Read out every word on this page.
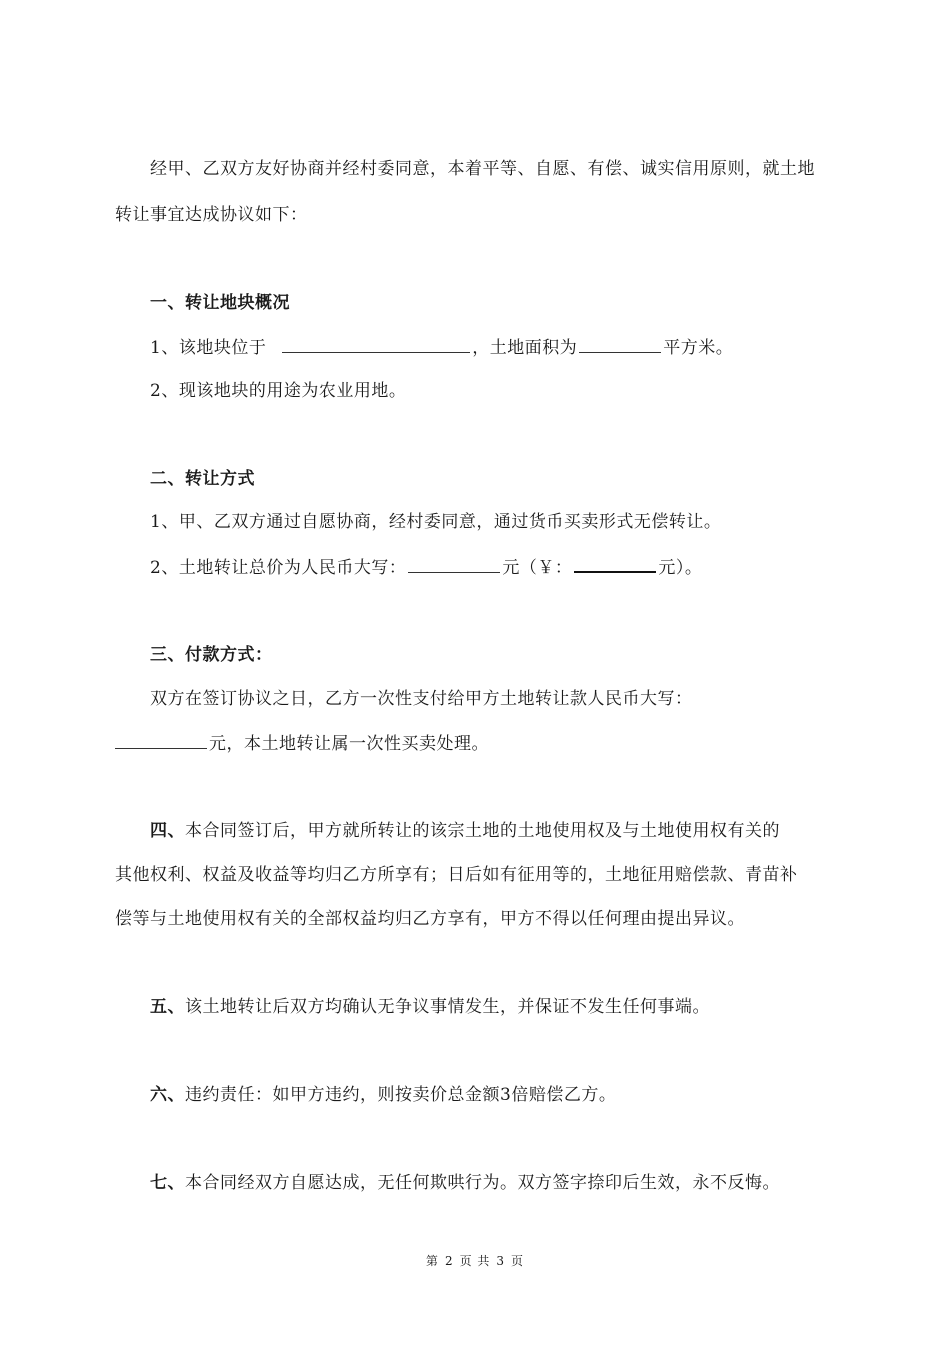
经甲、乙双方友好协商并经村委同意，本着平等、自愿、有偿、诚实信用原则，就土地
转让事宜达成协议如下：
一、转让地块概况
1、该地块位于	，土地面积为	平方米。
2、现该地块的用途为农业用地。
二、转让方式
1、甲、乙双方通过自愿协商，经村委同意，通过货币买卖形式无偿转让。
2、土地转让总价为人民币大写：	元（￥：	元）。
三、付款方式：
双方在签订协议之日，乙方一次性支付给甲方土地转让款人民币大写：
元，本土地转让属一次性买卖处理。
四、本合同签订后，甲方就所转让的该宗土地的土地使用权及与土地使用权有关的
其他权利、权益及收益等均归乙方所享有；日后如有征用等的，土地征用赔偿款、青苗补
偿等与土地使用权有关的全部权益均归乙方享有，甲方不得以任何理由提出异议。
五、该土地转让后双方均确认无争议事情发生，并保证不发生任何事端。
六、违约责任：如甲方违约，则按卖价总金额3倍赔偿乙方。
七、本合同经双方自愿达成，无任何欺哄行为。双方签字捺印后生效，永不反悔。
第 2 页 共 3 页
